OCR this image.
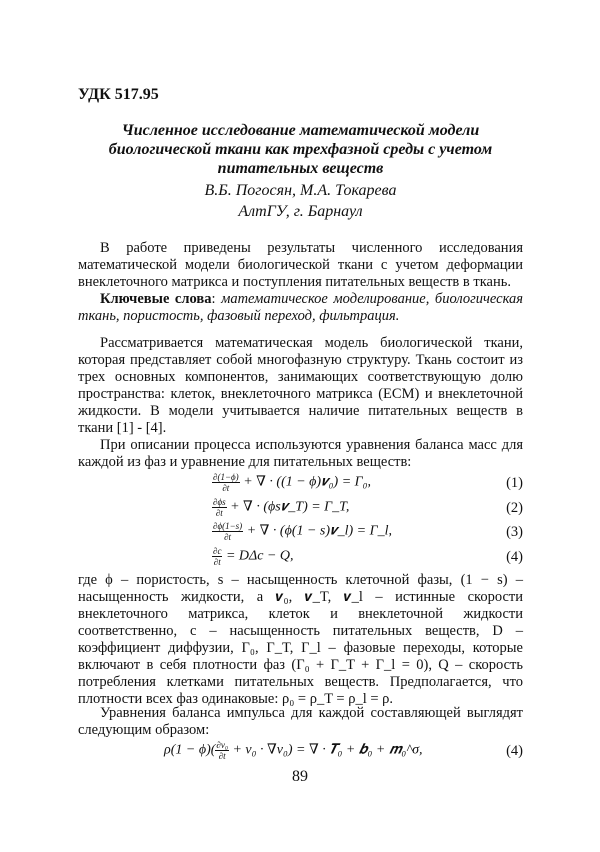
УДК 517.95
Численное исследование математической модели биологической ткани как трехфазной среды с учетом питательных веществ
В.Б. Погосян, М.А. Токарева
АлтГУ, г. Барнаул

В работе приведены результаты численного исследования математической модели биологической ткани с учетом деформации внеклеточного матрикса и поступления питательных веществ в ткань.

Ключевые слова: математическое моделирование, биологическая ткань, пористость, фазовый переход, фильтрация.

Рассматривается математическая модель биологической ткани, которая представляет собой многофазную структуру. Ткань состоит из трех основных компонентов, занимающих соответствующую долю пространства: клеток, внеклеточного матрикса (ECM) и внеклеточной жидкости. В модели учитывается наличие питательных веществ в ткани [1] - [4].

При описании процесса используются уравнения баланса масс для каждой из фаз и уравнение для питательных веществ:

$\frac{\partial(1-\phi)}{\partial t}$ + ∇ · ((1 − ϕ)𝒗₀) = Γ₀,	(1)
$\frac{\partial\phi s}{\partial t}$ + ∇ · (ϕs𝒗_T) = Γ_T,	(2)
$\frac{\partial\phi(1-s)}{\partial t}$ + ∇ · (ϕ(1 − s)𝒗_l) = Γ_l,	(3)
$\frac{\partial c}{\partial t} = D\Delta c - Q$,	(4)

где ϕ – пористость, s – насыщенность клеточной фазы, (1 − s) – насыщенность жидкости, а 𝒗₀, 𝒗_T, 𝒗_l – истинные скорости внеклеточного матрикса, клеток и внеклеточной жидкости соответственно, c – насыщенность питательных веществ, D – коэффициент диффузии, Γ₀, Γ_T, Γ_l – фазовые переходы, которые включают в себя плотности фаз (Γ₀ + Γ_T + Γ_l = 0), Q – скорость потребления клетками питательных веществ. Предполагается, что плотности всех фаз одинаковые: ρ₀ = ρ_T = ρ_l = ρ.

Уравнения баланса импульса для каждой составляющей выглядят следующим образом:

$\rho(1 - \phi)( \frac{\text{∂v₀}}{\partial t} + v_0 \cdot \nabla v_0)$ = ∇ · 𝑻₀ + 𝒃₀ + 𝒎₀^σ,	(4)
89
